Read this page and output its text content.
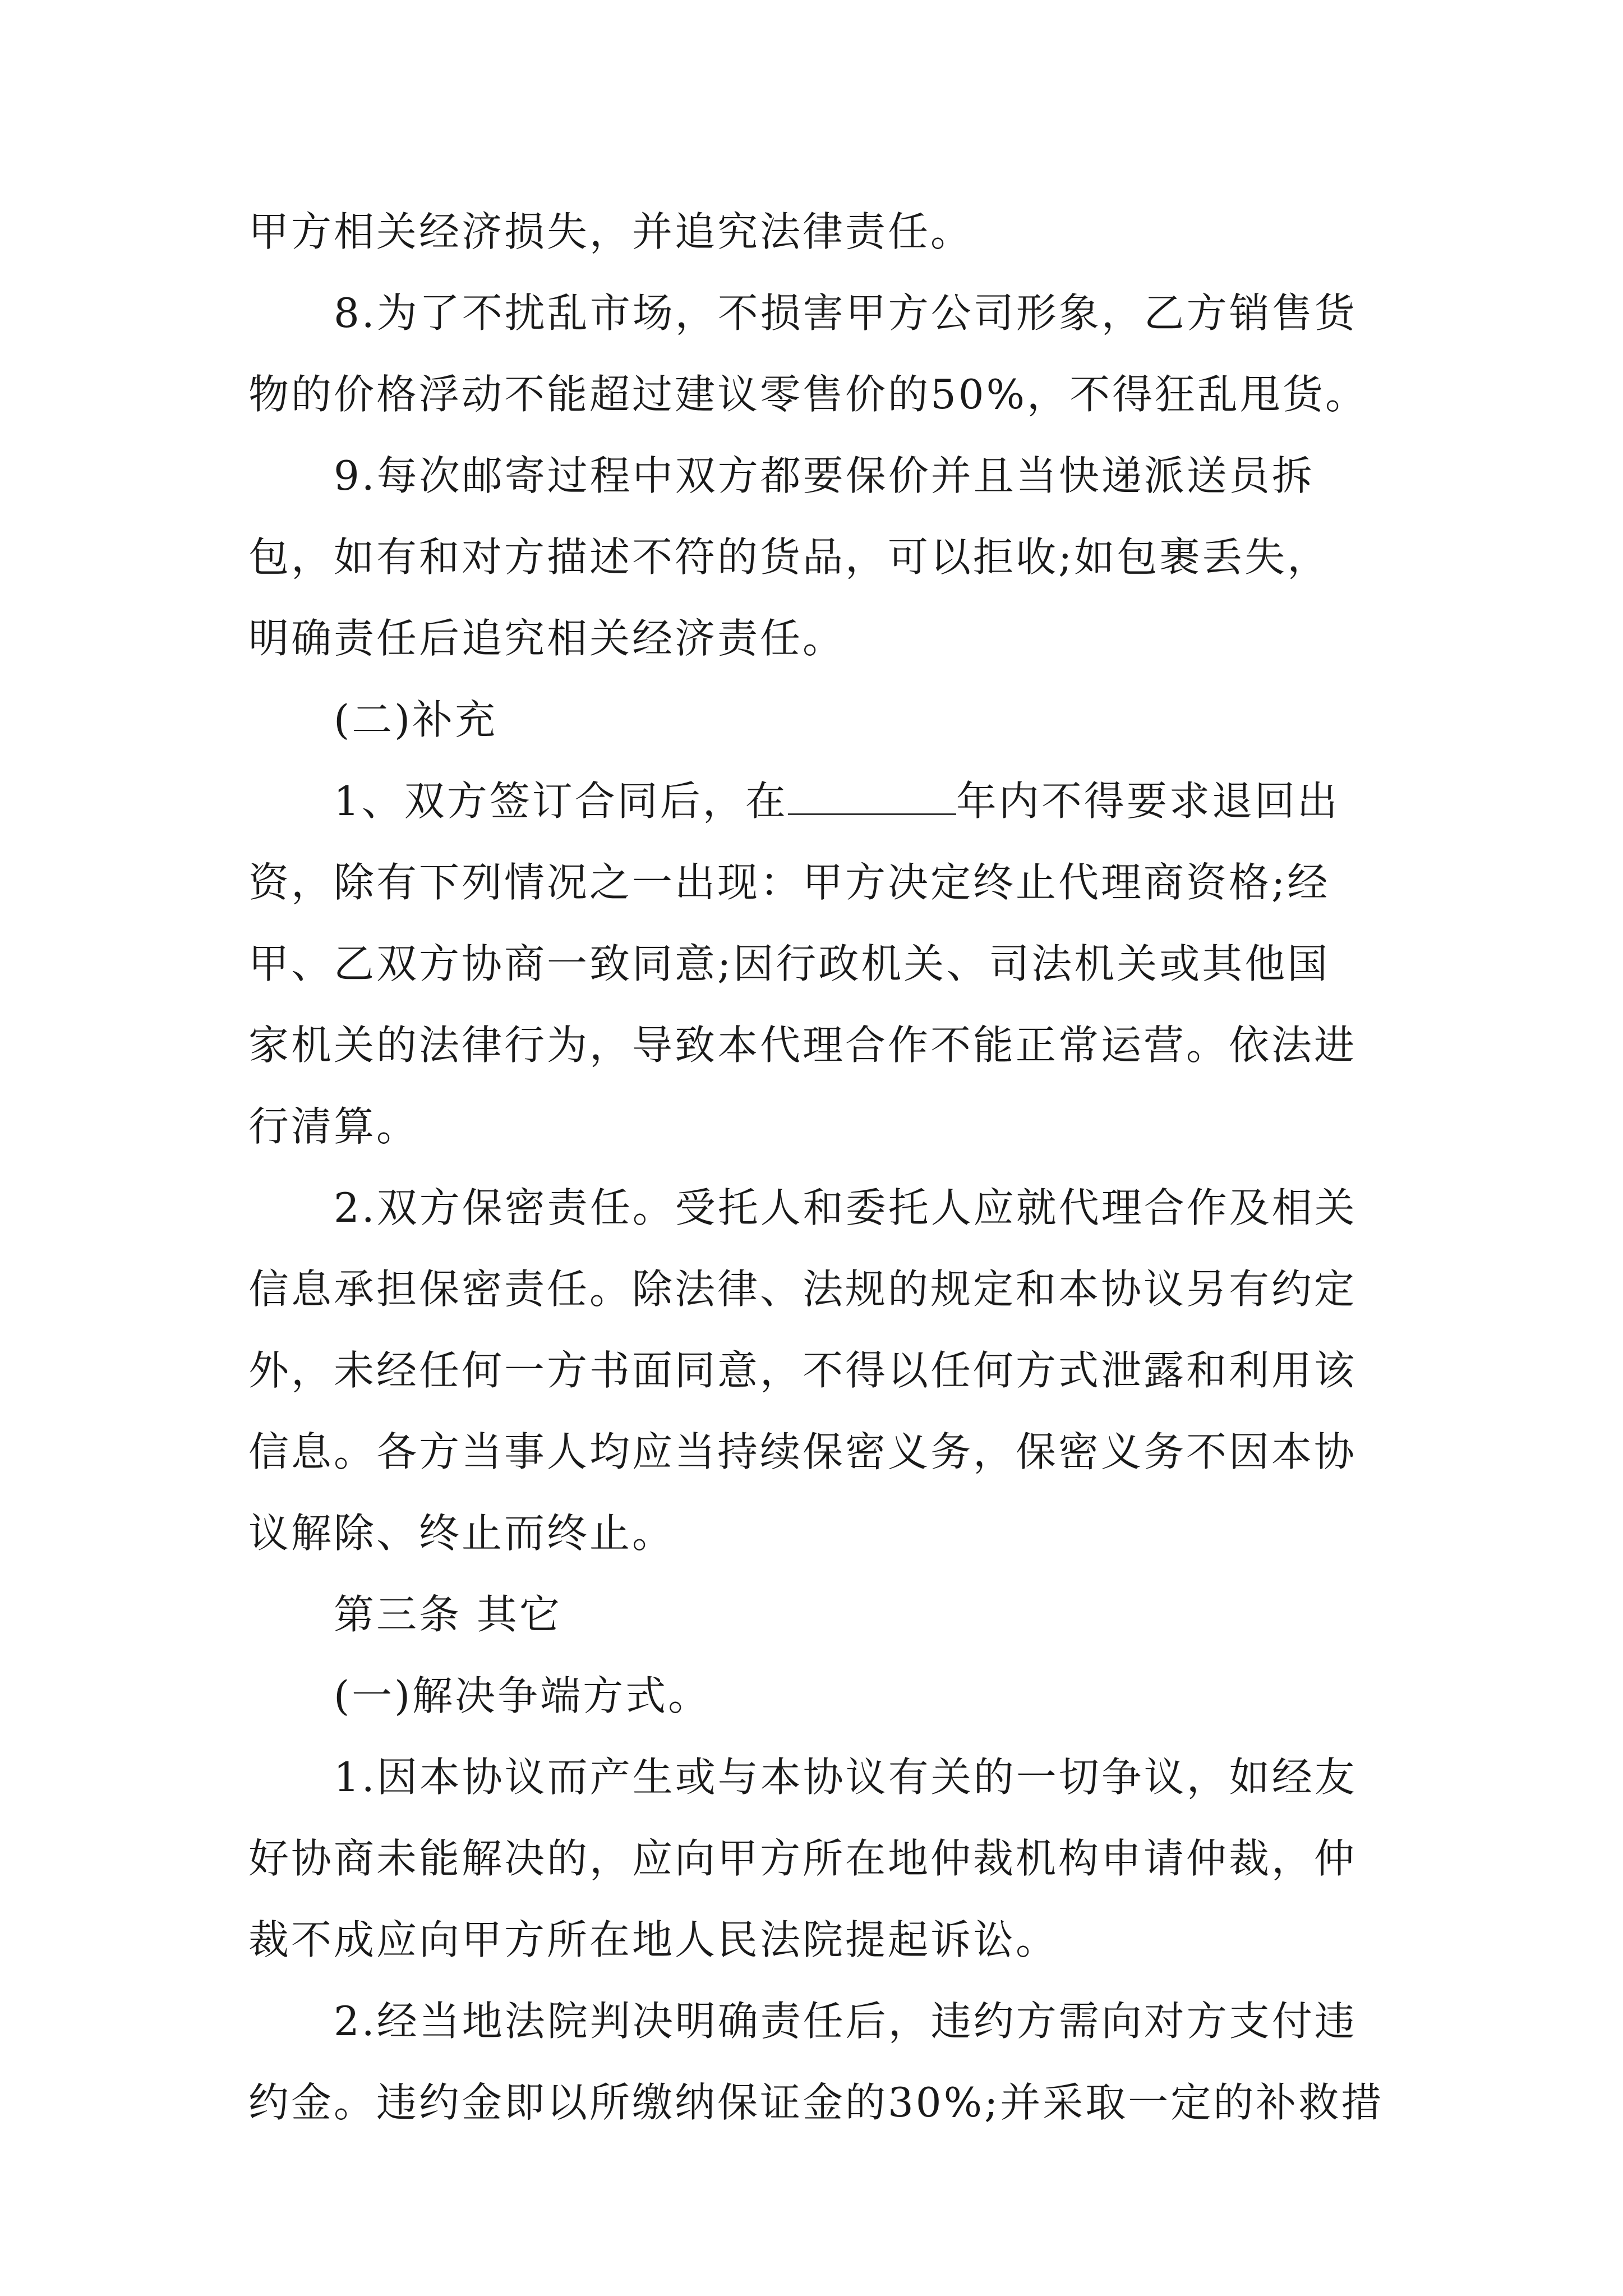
甲方相关经济损失，并追究法律责任。
8.为了不扰乱市场，不损害甲方公司形象，乙方销售货
物的价格浮动不能超过建议零售价的50%，不得狂乱甩货。
9.每次邮寄过程中双方都要保价并且当快递派送员拆
包，如有和对方描述不符的货品，可以拒收;如包裹丢失，
明确责任后追究相关经济责任。
(二)补充
1、双方签订合同后，在	年内不得要求退回出
资，除有下列情况之一出现：甲方决定终止代理商资格;经
甲、乙双方协商一致同意;因行政机关、司法机关或其他国
家机关的法律行为，导致本代理合作不能正常运营。依法进
行清算。
2.双方保密责任。受托人和委托人应就代理合作及相关
信息承担保密责任。除法律、法规的规定和本协议另有约定
外，未经任何一方书面同意，不得以任何方式泄露和利用该
信息。各方当事人均应当持续保密义务，保密义务不因本协
议解除、终止而终止。
第三条 其它
(一)解决争端方式。
1.因本协议而产生或与本协议有关的一切争议，如经友
好协商未能解决的，应向甲方所在地仲裁机构申请仲裁，仲
裁不成应向甲方所在地人民法院提起诉讼。
2.经当地法院判决明确责任后，违约方需向对方支付违
约金。违约金即以所缴纳保证金的30%;并采取一定的补救措
